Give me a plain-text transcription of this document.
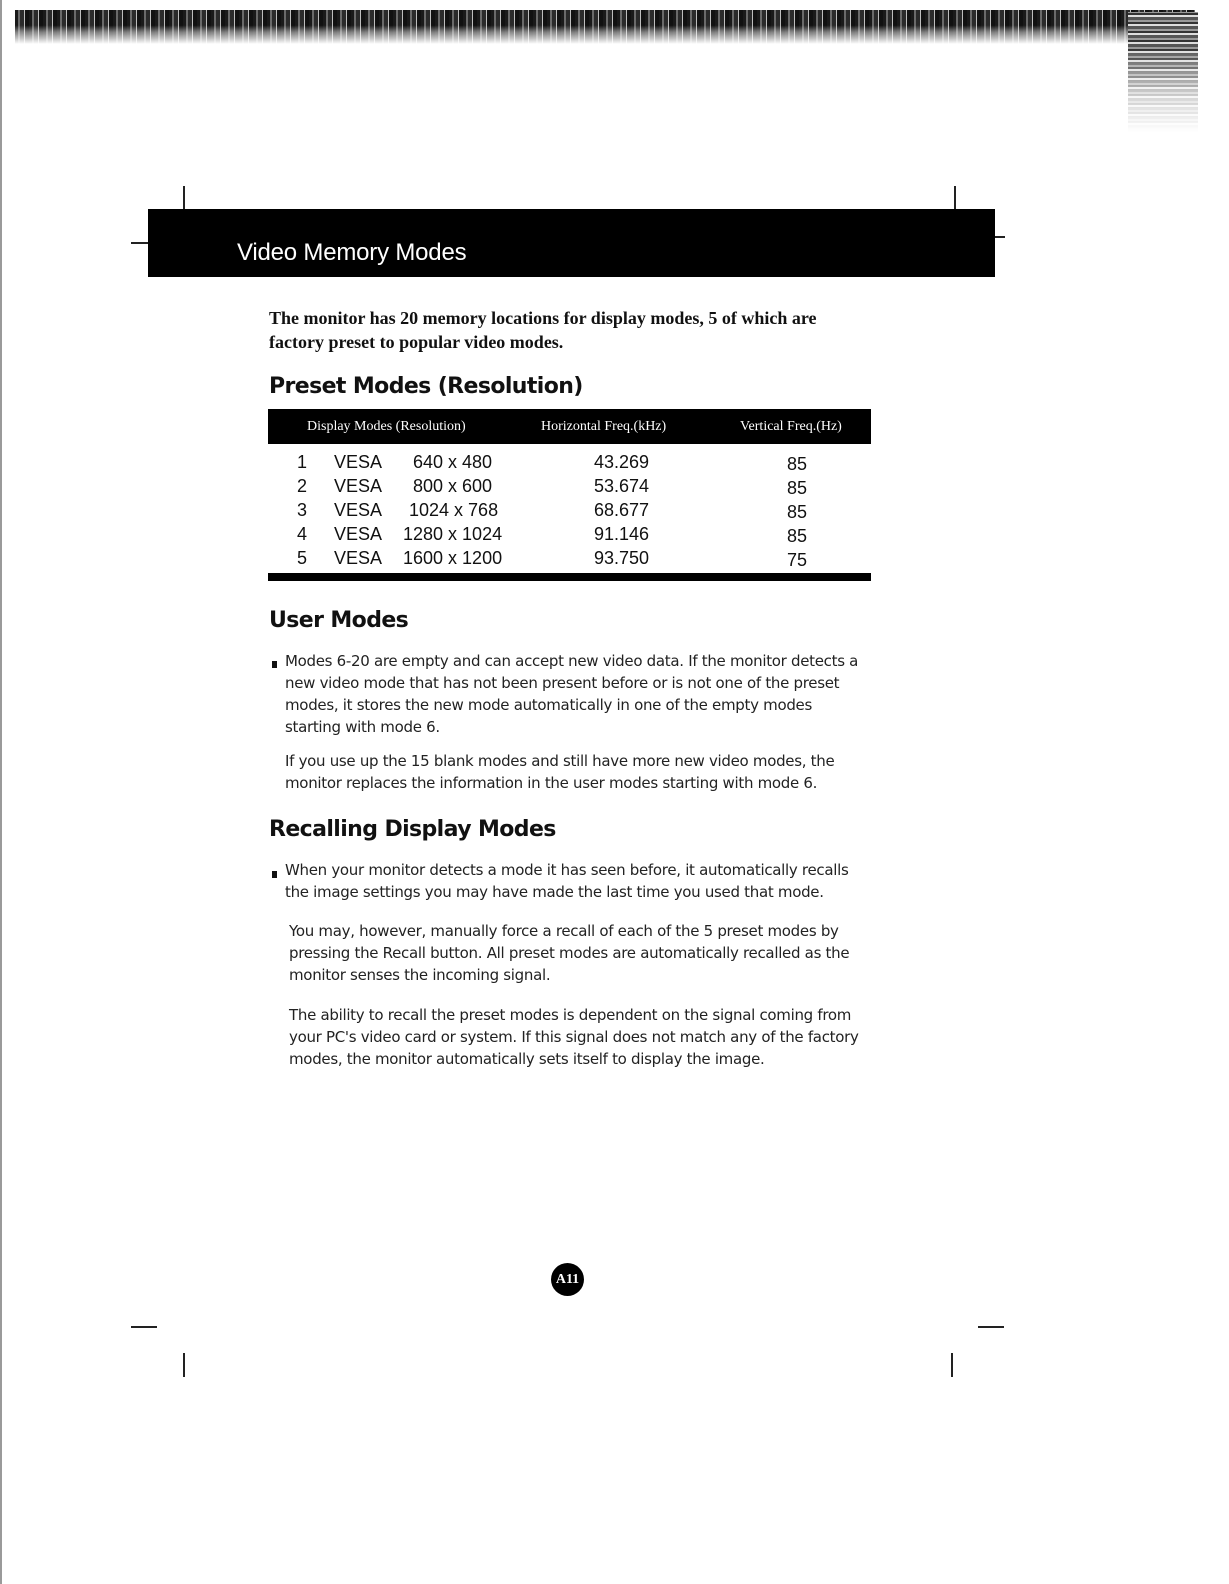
Video Memory Modes

The monitor has 20 memory locations for display modes, 5 of which are factory preset to popular video modes.

Preset Modes (Resolution)
Display Modes (Resolution)	Horizontal Freq.(kHz)	Vertical Freq.(Hz)
1 VESA 640 x 480	43.269	85
2 VESA 800 x 600	53.674	85
3 VESA 1024 x 768	68.677	85
4 VESA 1280 x 1024	91.146	85
5 VESA 1600 x 1200	93.750	75
User Modes

Modes 6-20 are empty and can accept new video data. If the monitor detects a new video mode that has not been present before or is not one of the preset modes, it stores the new mode automatically in one of the empty modes starting with mode 6.

If you use up the 15 blank modes and still have more new video modes, the monitor replaces the information in the user modes starting with mode 6.

Recalling Display Modes

When your monitor detects a mode it has seen before, it automatically recalls the image settings you may have made the last time you used that mode.

You may, however, manually force a recall of each of the 5 preset modes by pressing the Recall button. All preset modes are automatically recalled as the monitor senses the incoming signal.

The ability to recall the preset modes is dependent on the signal coming from your PC's video card or system. If this signal does not match any of the factory modes, the monitor automatically sets itself to display the image.

A11
